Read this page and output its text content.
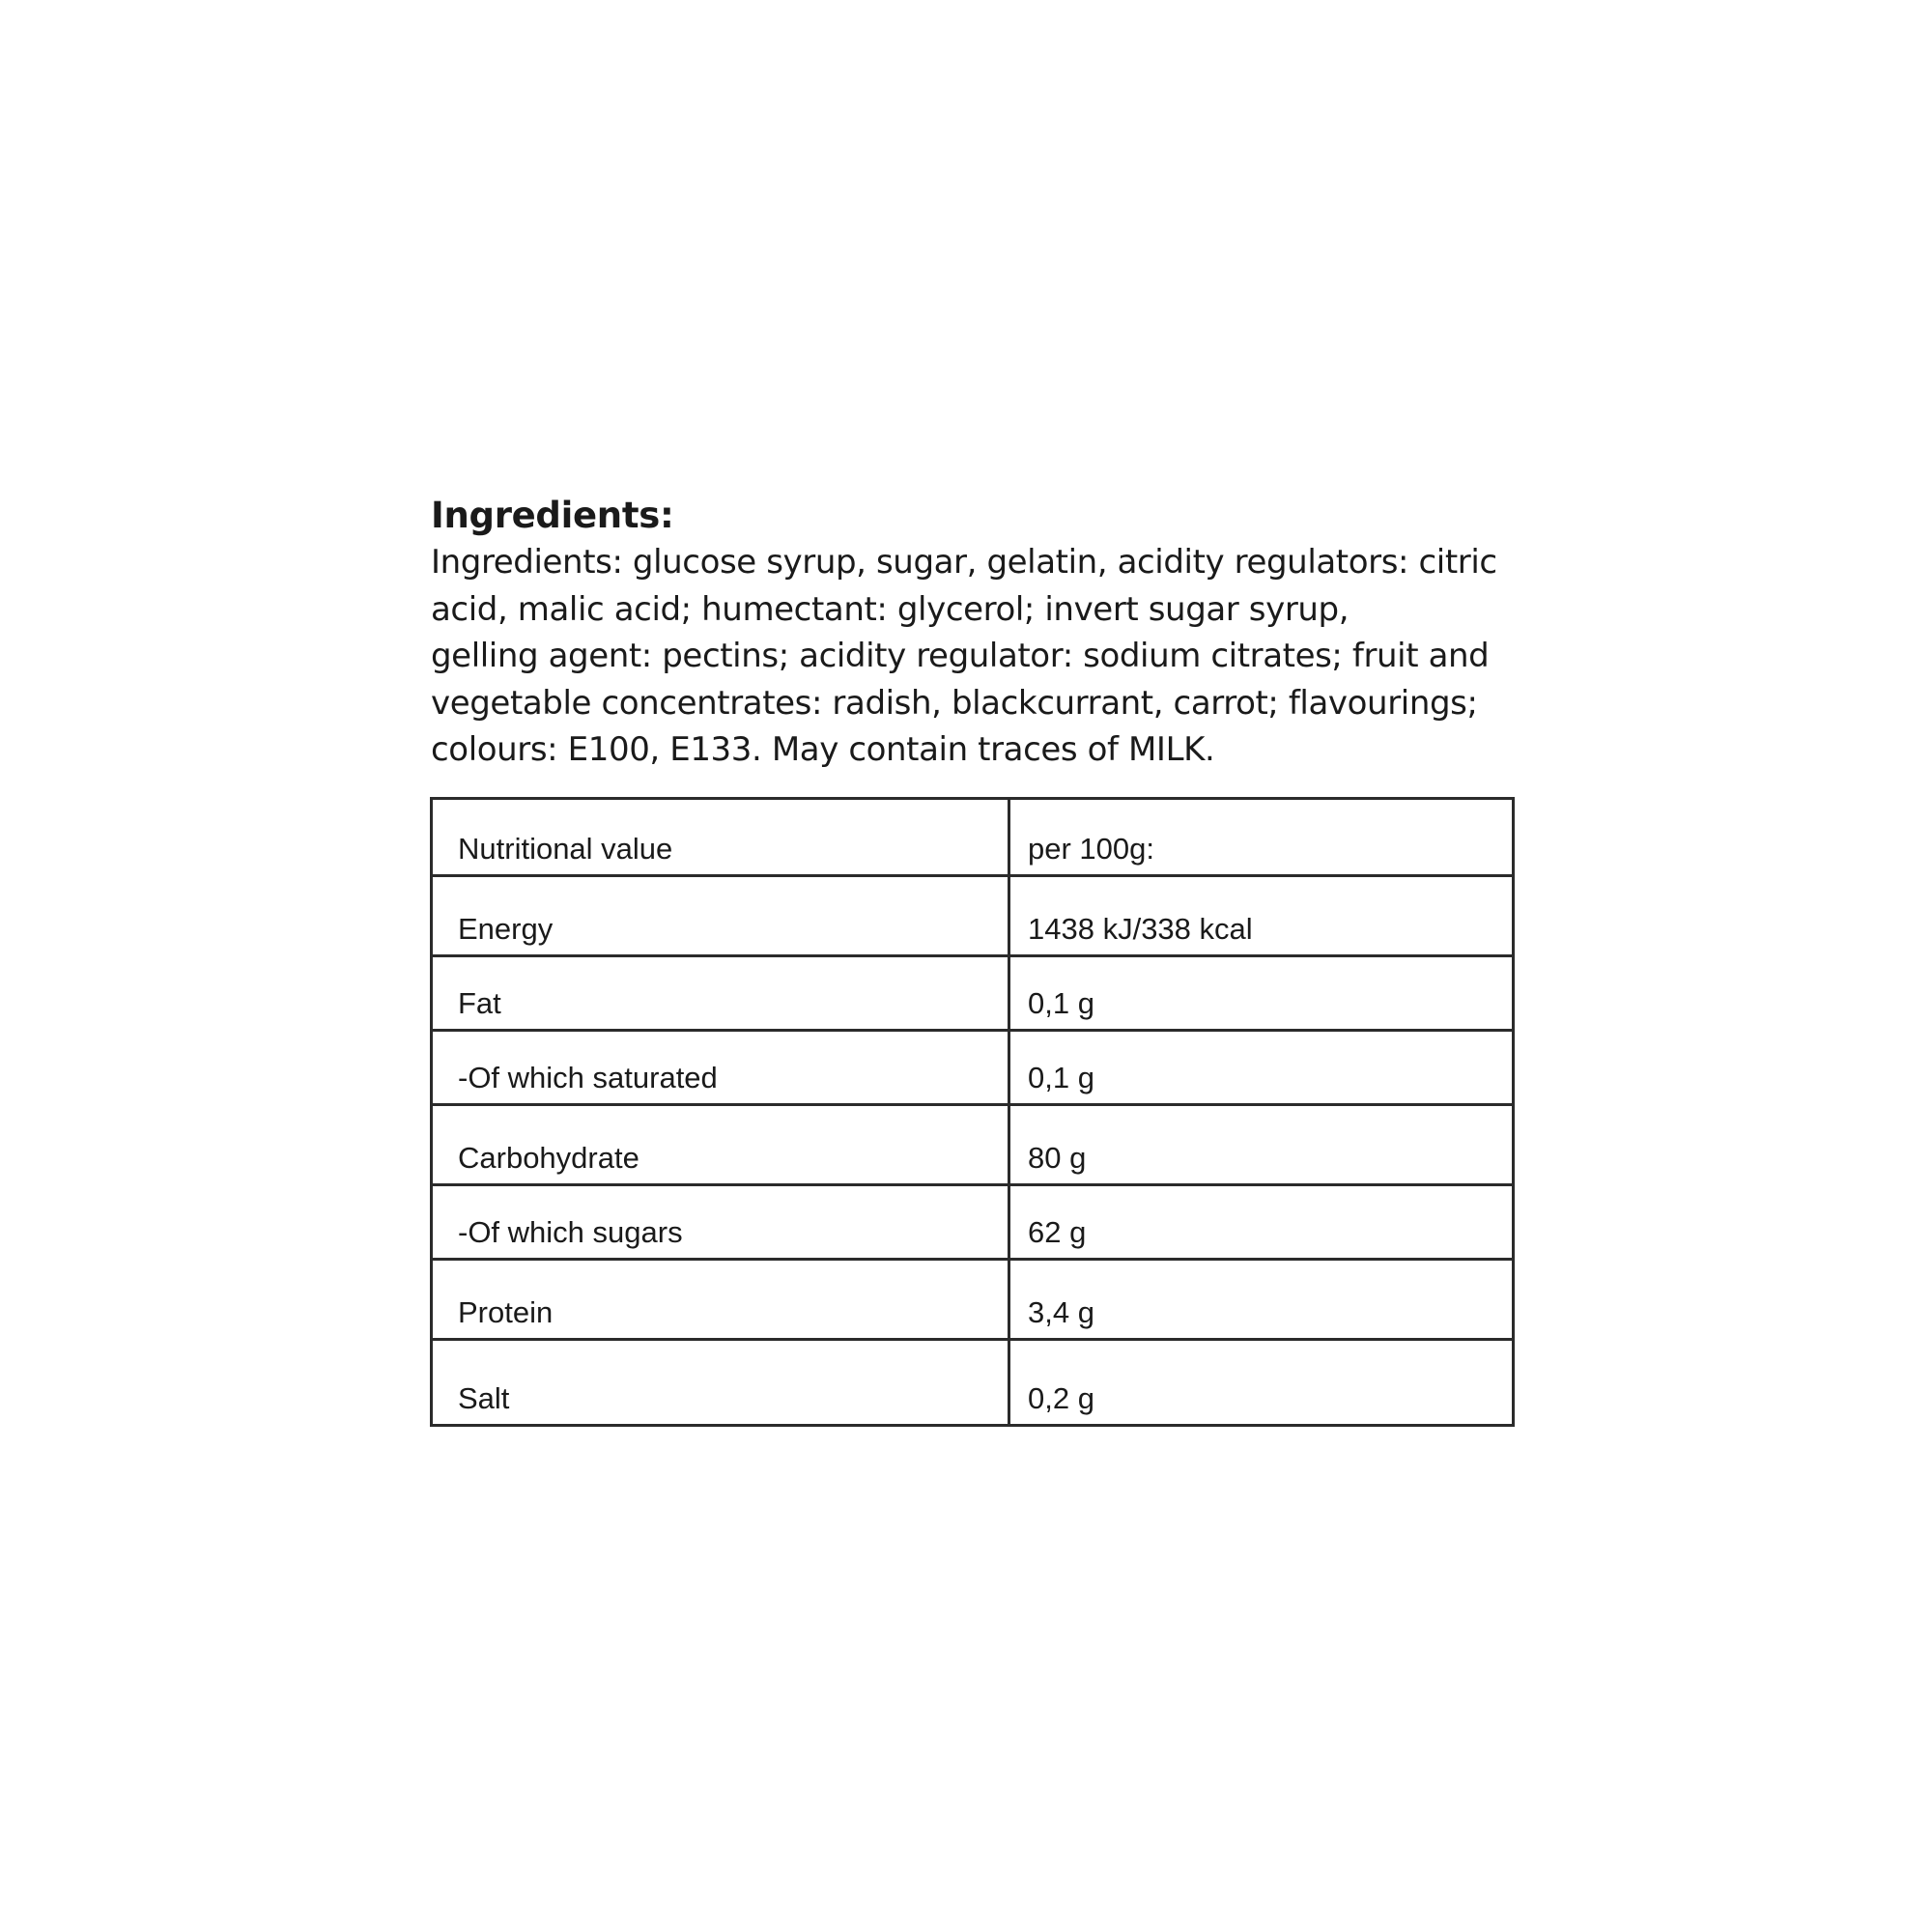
Ingredients:

Ingredients: glucose syrup, sugar, gelatin, acidity regulators: citric
acid, malic acid; humectant: glycerol; invert sugar syrup,
gelling agent: pectins; acidity regulator: sodium citrates; fruit and
vegetable concentrates: radish, blackcurrant, carrot; flavourings;
colours: E100, E133. May contain traces of MILK.

Nutritional value	per 100g:
Energy	1438 kJ/338 kcal
Fat	0,1 g
-Of which saturated	0,1 g
Carbohydrate	80 g
-Of which sugars	62 g
Protein	3,4 g
Salt	0,2 g
